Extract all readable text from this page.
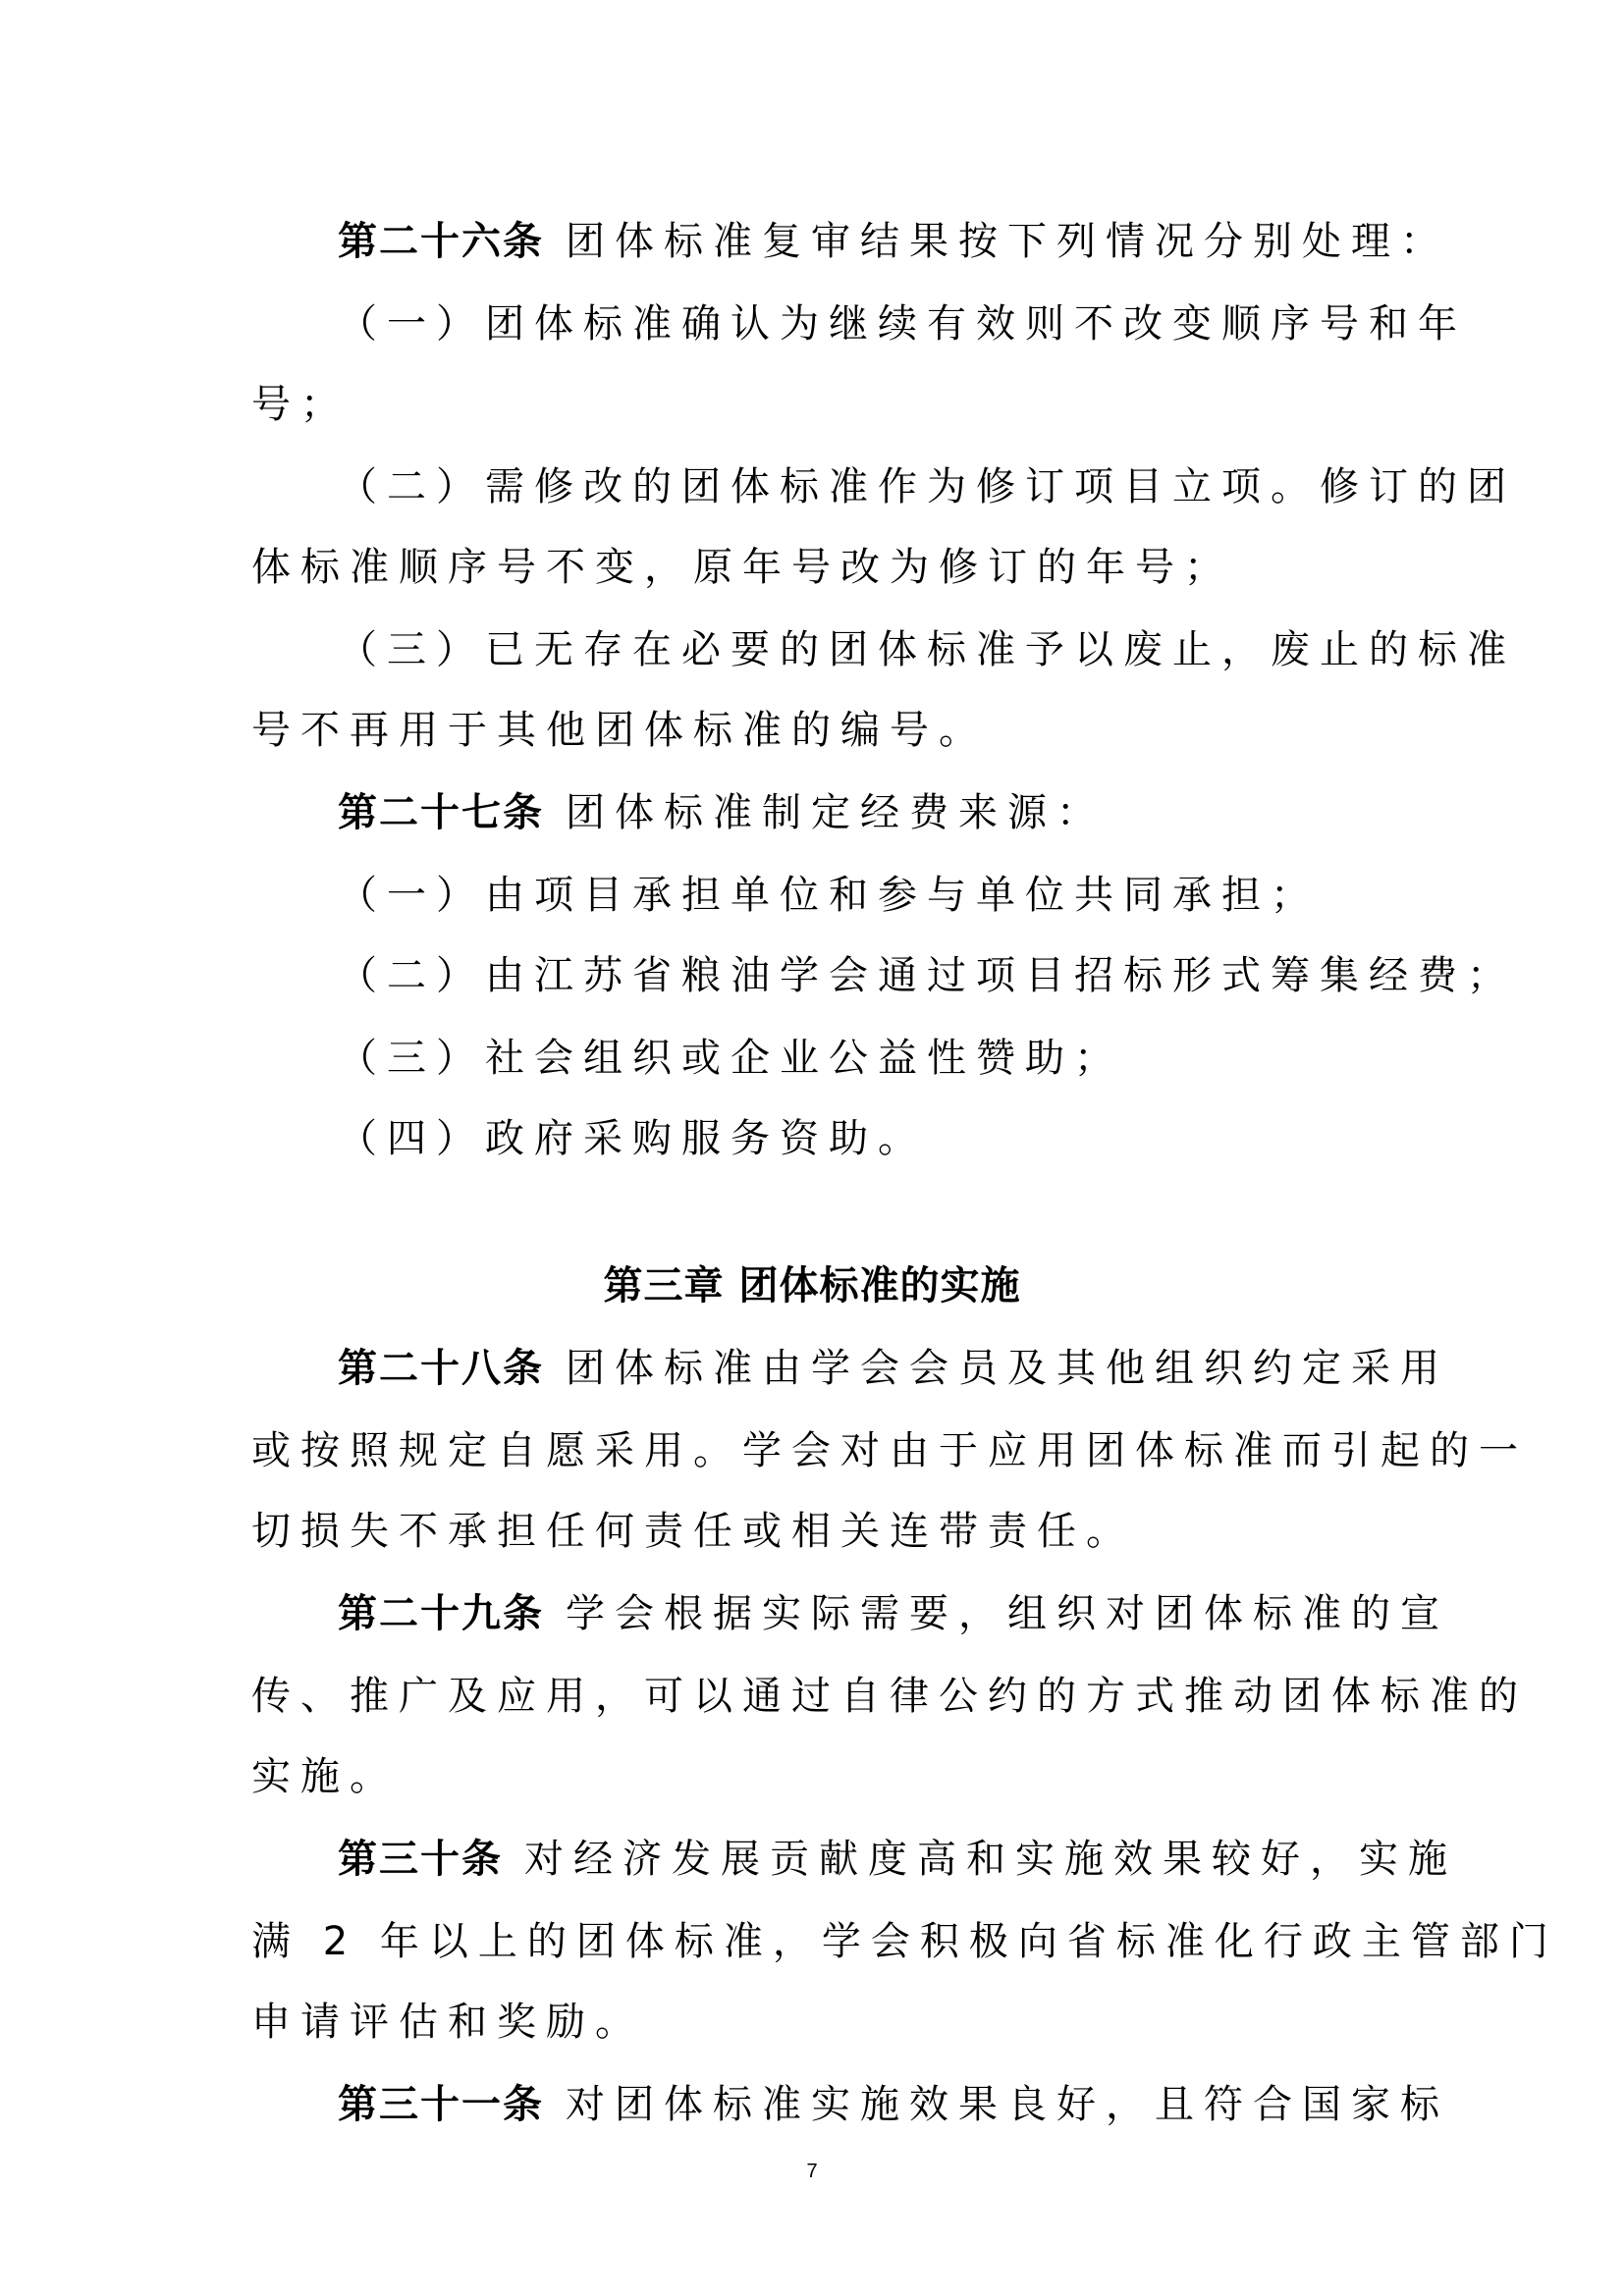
第二十六条 团体标准复审结果按下列情况分别处理：
（一）团体标准确认为继续有效则不改变顺序号和年
号；
（二）需修改的团体标准作为修订项目立项。修订的团
体标准顺序号不变，原年号改为修订的年号；
（三）已无存在必要的团体标准予以废止，废止的标准
号不再用于其他团体标准的编号。
第二十七条 团体标准制定经费来源：
（一）由项目承担单位和参与单位共同承担；
（二）由江苏省粮油学会通过项目招标形式筹集经费；
（三）社会组织或企业公益性赞助；
（四）政府采购服务资助。
第三章 团体标准的实施
第二十八条 团体标准由学会会员及其他组织约定采用
或按照规定自愿采用。学会对由于应用团体标准而引起的一
切损失不承担任何责任或相关连带责任。
第二十九条 学会根据实际需要，组织对团体标准的宣
传、推广及应用，可以通过自律公约的方式推动团体标准的
实施。
第三十条 对经济发展贡献度高和实施效果较好，实施
满 2 年以上的团体标准，学会积极向省标准化行政主管部门
申请评估和奖励。
第三十一条 对团体标准实施效果良好，且符合国家标
7
